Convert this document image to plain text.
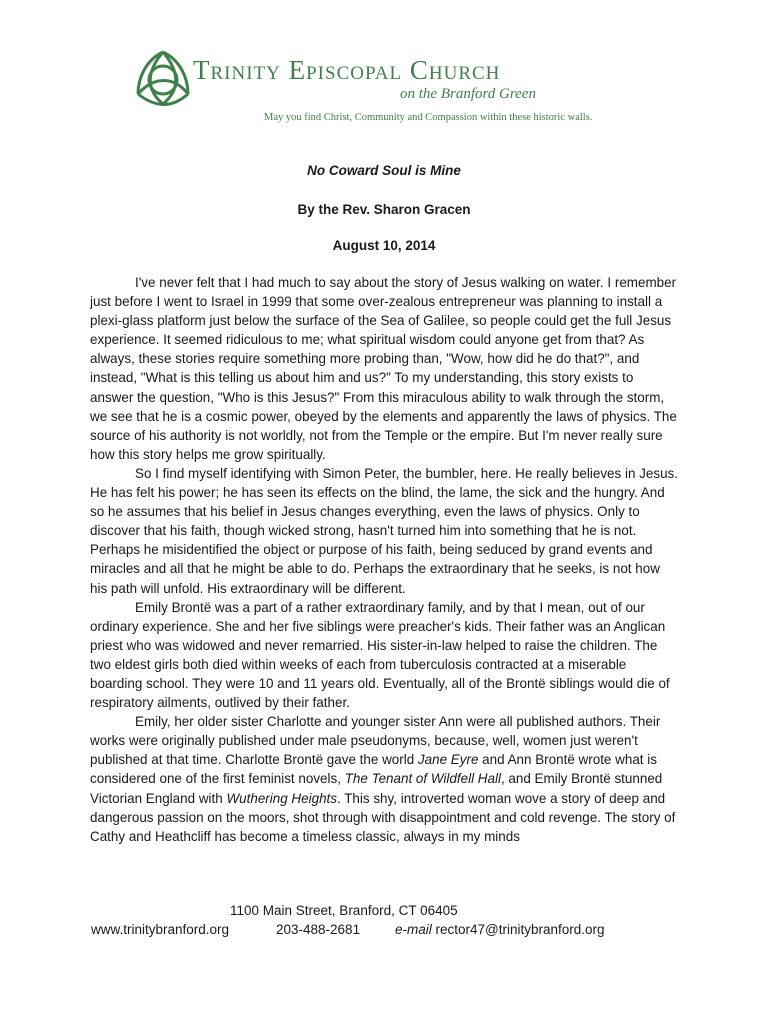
Trinity Episcopal Church
on the Branford Green
May you find Christ, Community and Compassion within these historic walls.
No Coward Soul is Mine
By the Rev. Sharon Gracen
August 10, 2014

I've never felt that I had much to say about the story of Jesus walking on water. I remember just before I went to Israel in 1999 that some over-zealous entrepreneur was planning to install a plexi-glass platform just below the surface of the Sea of Galilee, so people could get the full Jesus experience. It seemed ridiculous to me; what spiritual wisdom could anyone get from that? As always, these stories require something more probing than, "Wow, how did he do that?", and instead, "What is this telling us about him and us?" To my understanding, this story exists to answer the question, "Who is this Jesus?" From this miraculous ability to walk through the storm, we see that he is a cosmic power, obeyed by the elements and apparently the laws of physics. The source of his authority is not worldly, not from the Temple or the empire. But I'm never really sure how this story helps me grow spiritually.

So I find myself identifying with Simon Peter, the bumbler, here. He really believes in Jesus. He has felt his power; he has seen its effects on the blind, the lame, the sick and the hungry. And so he assumes that his belief in Jesus changes everything, even the laws of physics. Only to discover that his faith, though wicked strong, hasn't turned him into something that he is not. Perhaps he misidentified the object or purpose of his faith, being seduced by grand events and miracles and all that he might be able to do. Perhaps the extraordinary that he seeks, is not how his path will unfold. His extraordinary will be different.

Emily Brontë was a part of a rather extraordinary family, and by that I mean, out of our ordinary experience. She and her five siblings were preacher's kids. Their father was an Anglican priest who was widowed and never remarried. His sister-in-law helped to raise the children. The two eldest girls both died within weeks of each from tuberculosis contracted at a miserable boarding school. They were 10 and 11 years old. Eventually, all of the Brontë siblings would die of respiratory ailments, outlived by their father.

Emily, her older sister Charlotte and younger sister Ann were all published authors. Their works were originally published under male pseudonyms, because, well, women just weren't published at that time. Charlotte Brontë gave the world Jane Eyre and Ann Brontë wrote what is considered one of the first feminist novels, The Tenant of Wildfell Hall, and Emily Brontë stunned Victorian England with Wuthering Heights. This shy, introverted woman wove a story of deep and dangerous passion on the moors, shot through with disappointment and cold revenge. The story of Cathy and Heathcliff has become a timeless classic, always in my minds

1100 Main Street, Branford, CT 06405
www.trinitybranford.org	203-488-2681	e-mail rector47@trinitybranford.org
